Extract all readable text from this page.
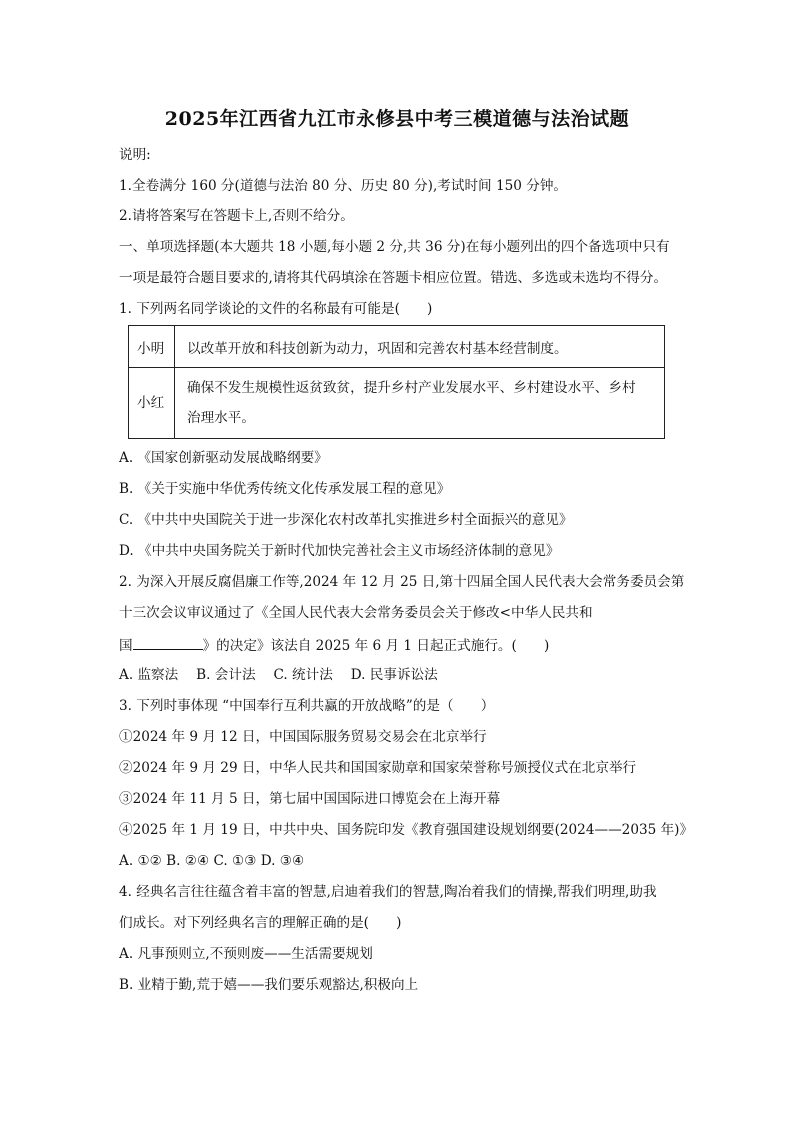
2025年江西省九江市永修县中考三模道德与法治试题
说明:
1.全卷满分 160 分(道德与法治 80 分、历史 80 分),考试时间 150 分钟。
2.请将答案写在答题卡上,否则不给分。
一、单项选择题(本大题共 18 小题,每小题 2 分,共 36 分)在每小题列出的四个备选项中只有
一项是最符合题目要求的,请将其代码填涂在答题卡相应位置。错选、多选或未选均不得分。
1. 下列两名同学谈论的文件的名称最有可能是(　　)
小明	以改革开放和科技创新为动力，巩固和完善农村基本经营制度。
小红	确保不发生规模性返贫致贫，提升乡村产业发展水平、乡村建设水平、乡村
治理水平。
A. 《国家创新驱动发展战略纲要》
B. 《关于实施中华优秀传统文化传承发展工程的意见》
C. 《中共中央国院关于进一步深化农村改革扎实推进乡村全面振兴的意见》
D. 《中共中央国务院关于新时代加快完善社会主义市场经济体制的意见》
2. 为深入开展反腐倡廉工作等,2024 年 12 月 25 日,第十四届全国人民代表大会常务委员会第
十三次会议审议通过了《全国人民代表大会常务委员会关于修改<中华人民共和
国	》的决定》该法自 2025 年 6 月 1 日起正式施行。(　　)
A. 监察法　 B. 会计法　 C. 统计法　 D. 民事诉讼法
3. 下列时事体现 “中国奉行互利共赢的开放战略”的是（　　）
①2024 年 9 月 12 日，中国国际服务贸易交易会在北京举行
②2024 年 9 月 29 日，中华人民共和国国家勋章和国家荣誉称号颁授仪式在北京举行
③2024 年 11 月 5 日，第七届中国国际进口博览会在上海开幕
④2025 年 1 月 19 日，中共中央、国务院印发《教育强国建设规划纲要(2024——2035 年)》
A. ①② B. ②④ C. ①③ D. ③④
4. 经典名言往往蕴含着丰富的智慧,启迪着我们的智慧,陶冶着我们的情操,帮我们明理,助我
们成长。对下列经典名言的理解正确的是(　　)
A. 凡事预则立,不预则废——生活需要规划
B. 业精于勤,荒于嬉——我们要乐观豁达,积极向上
